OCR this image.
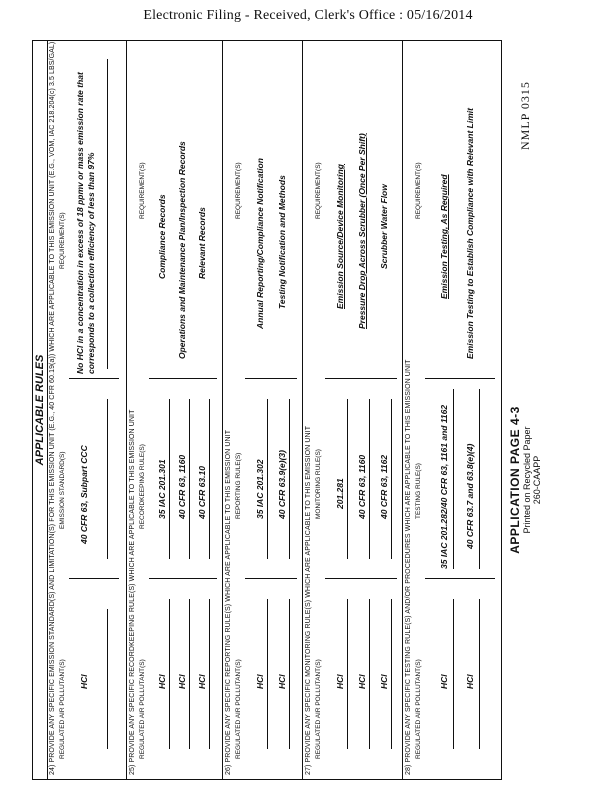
Electronic Filing - Received, Clerk's Office : 05/16/2014
APPLICABLE RULES 24) PROVIDE ANY SPECIFIC EMISSION STANDARD(S) AND LIMITATION(S) FOR THIS EMISSION UNIT (E.G., 40 CFR 60.19(a)) WHICH ARE APPLICABLE TO THIS EMISSION UNIT (E.G., VOM, IAC 218.204(c) 3.5 LBS/GAL) REGULATED AIR POLLUTANT(S)
EMISSION STANDARD(S)
REQUIREMENT(S)
HCl
40 CFR 63, Subpart CCC
No HCl in a concentration in excess of 18 ppmv or mass emission rate that corresponds to a collection efficiency of less than 97%
25) PROVIDE ANY SPECIFIC RECORDKEEPING RULE(S) WHICH ARE APPLICABLE TO THIS EMISSION UNIT REGULATED AIR POLLUTANT(S)
RECORDKEEPING RULE(S)
REQUIREMENT(S)
HCl HCl HCl
35 IAC 201.301 40 CFR 63, 1160 40 CFR 63.10
Compliance Records Operations and Maintenance Plan/Inspection Records Relevant Records
26) PROVIDE ANY SPECIFIC REPORTING RULE(S) WHICH ARE APPLICABLE TO THIS EMISSION UNIT REGULATED AIR POLLUTANT(S)
REPORTING RULE(S)
REQUIREMENT(S)
HCl HCl
35 IAC 201.302 40 CFR 63.9(e)(3)
Annual Reporting/Compliance Notification Testing Notification and Methods
27) PROVIDE ANY SPECIFIC MONITORING RULE(S) WHICH ARE APPLICABLE TO THIS EMISSION UNIT REGULATED AIR POLLUTANT(S)
MONITORING RULE(S)
REQUIREMENT(S)
HCl HCl HCl
201.281 40 CFR 63, 1160 40 CFR 63, 1162
Emission Source/Device Monitoring Pressure Drop Across Scrubber (Once Per Shift) Scrubber Water Flow
28) PROVIDE ANY SPECIFIC TESTING RULE(S) AND/OR PROCEDURES WHICH ARE APPLICABLE TO THIS EMISSION UNIT REGULATED AIR POLLUTANT(S)
TESTING RULE(S)
REQUIREMENT(S)
HCl HCl
35 IAC 201.282/40 CFR 63, 1161 and 1162 40 CFR 63.7 and 63.8(e)(4)
Emission Testing, As Required Emission Testing to Establish Compliance with Relevant Limit
APPLICATION PAGE 4-3
Printed on Recycled Paper 260-CAAPP
NMLP 0315
